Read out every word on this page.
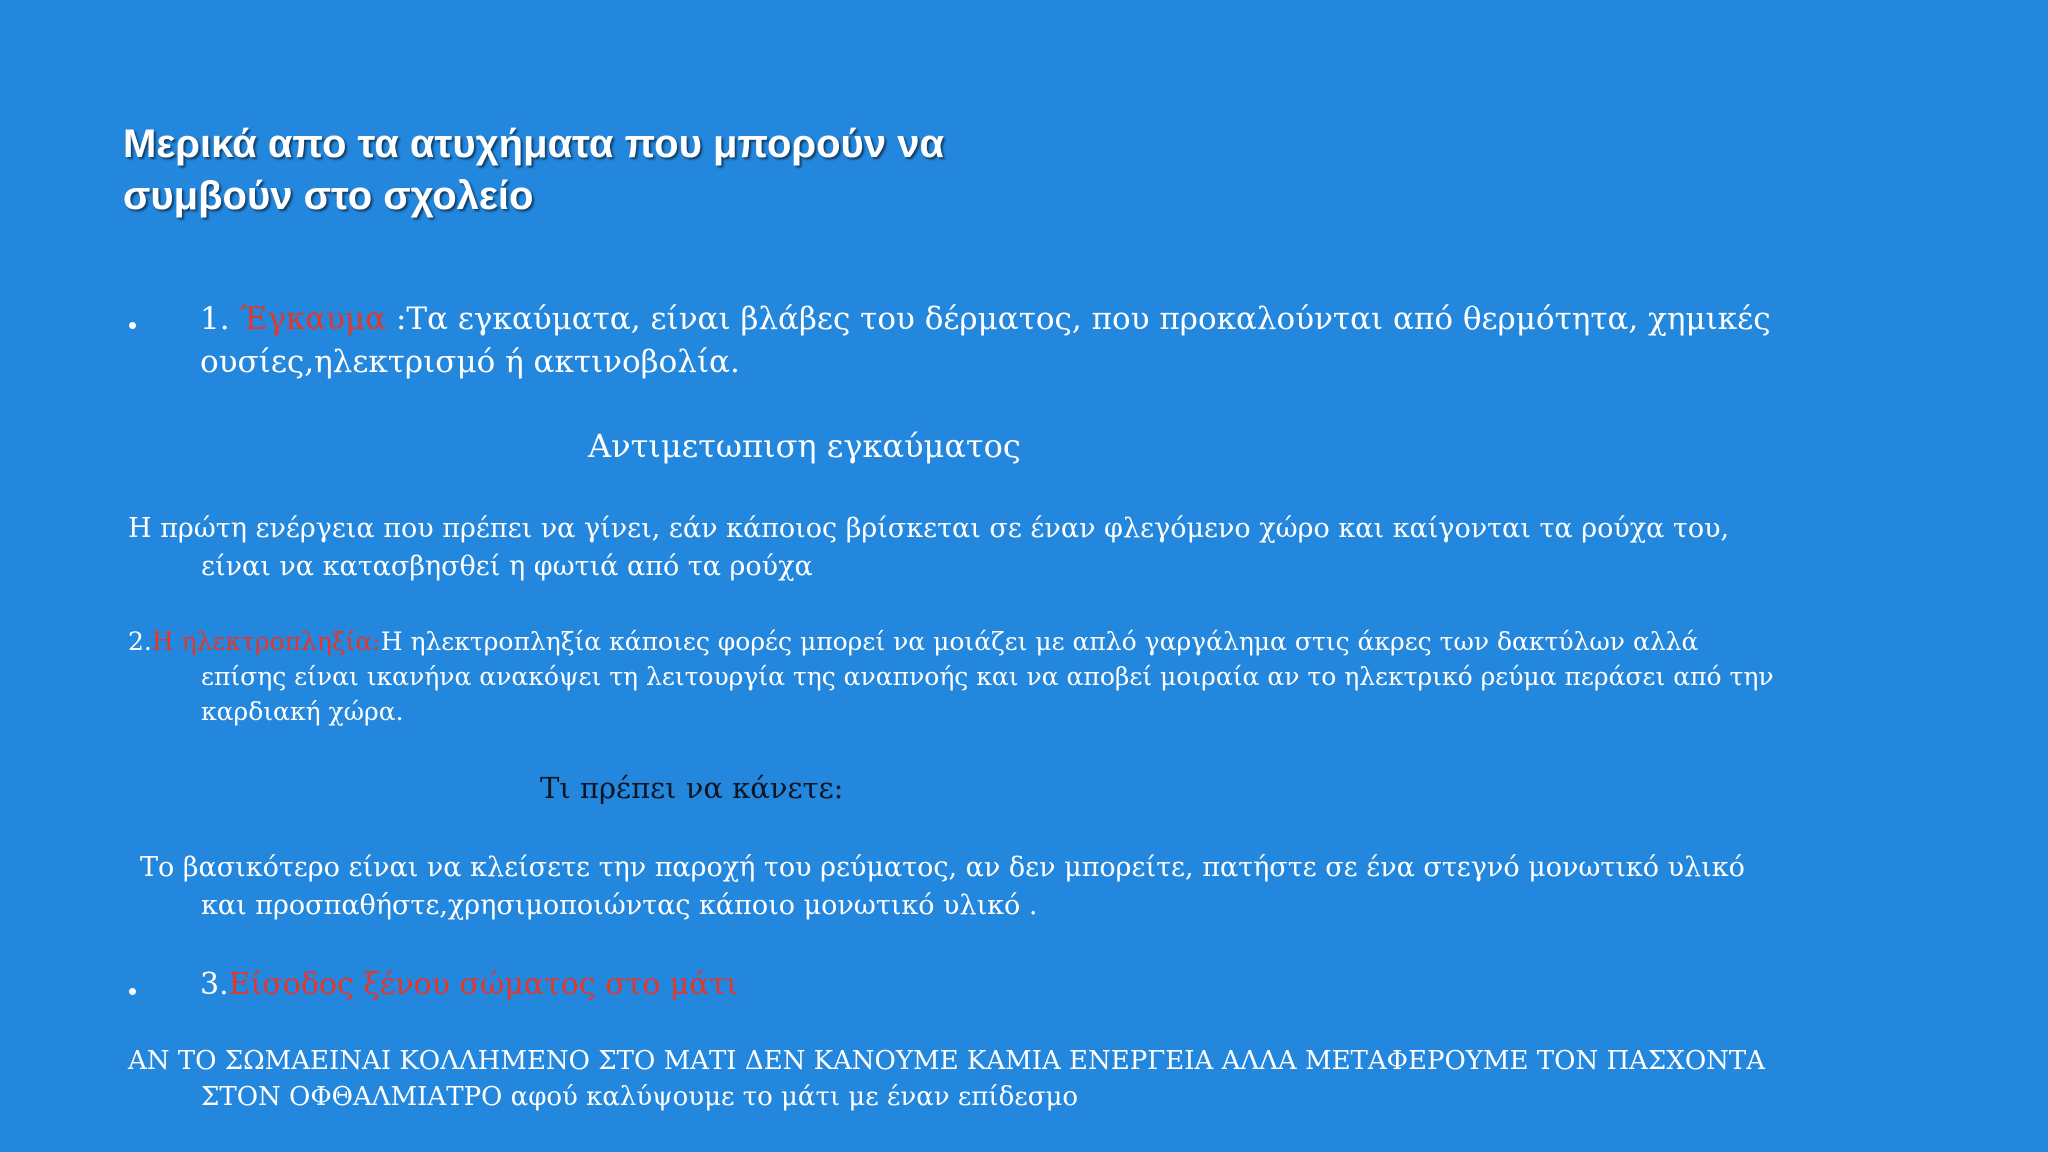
Μερικά απο τα ατυχήματα που μπορούν να
συμβούν στο σχολείο
1. Έγκαυμα :Τα εγκαύματα, είναι βλάβες του δέρματος, που προκαλούνται από θερμότητα, χημικές
ουσίες,ηλεκτρισμό ή ακτινοβολία.
Αντιμετωπιση εγκαύματος
Η πρώτη ενέργεια που πρέπει να γίνει, εάν κάποιος βρίσκεται σε έναν φλεγόμενο χώρο και καίγονται τα ρούχα του,
είναι να κατασβησθεί η φωτιά από τα ρούχα
2.Η ηλεκτροπληξία:Η ηλεκτροπληξία κάποιες φορές μπορεί να μοιάζει με απλό γαργάλημα στις άκρες των δακτύλων αλλά
επίσης είναι ικανήνα ανακόψει τη λειτουργία της αναπνοής και να αποβεί μοιραία αν το ηλεκτρικό ρεύμα περάσει από την
καρδιακή χώρα.
Τι πρέπει να κάνετε:
Το βασικότερο είναι να κλείσετε την παροχή του ρεύματος, αν δεν μπορείτε, πατήστε σε ένα στεγνό μονωτικό υλικό
και προσπαθήστε,χρησιμοποιώντας κάποιο μονωτικό υλικό .
3.Είσοδος ξένου σώματος στο μάτι
ΑΝ ΤΟ ΣΩΜΑΕΙΝΑΙ ΚΟΛΛΗΜΕΝΟ ΣΤΟ ΜΑΤΙ ΔΕΝ ΚΑΝΟΥΜΕ ΚΑΜΙΑ ΕΝΕΡΓΕΙΑ ΑΛΛΑ ΜΕΤΑΦΕΡΟΥΜΕ ΤΟΝ ΠΑΣΧΟΝΤΑ
ΣΤΟΝ ΟΦΘΑΛΜΙΑΤΡΟ αφού καλύψουμε το μάτι με έναν επίδεσμο
